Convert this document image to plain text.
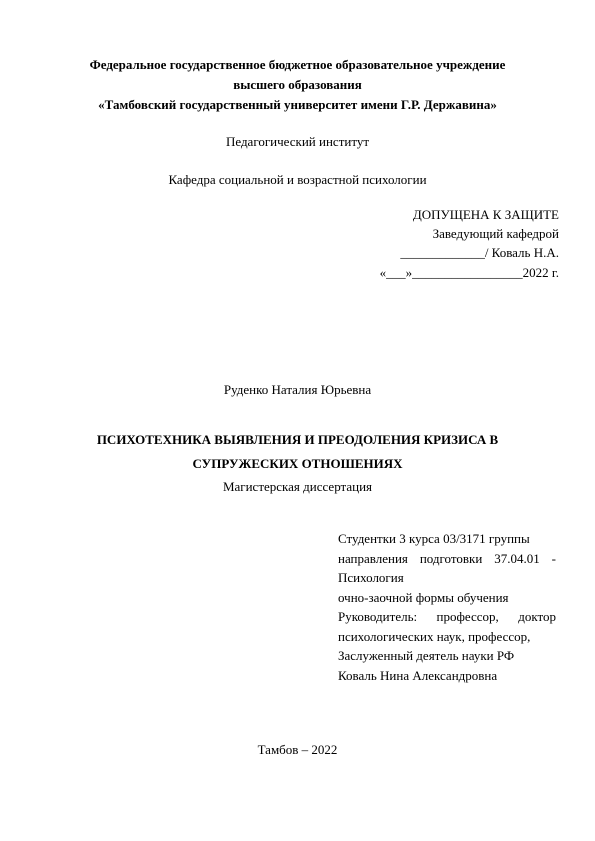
Федеральное государственное бюджетное образовательное учреждение
высшего образования
«Тамбовский государственный университет имени Г.Р. Державина»
Педагогический институт
Кафедра социальной и возрастной психологии
ДОПУЩЕНА К ЗАЩИТЕ
Заведующий кафедрой
_____________/ Коваль Н.А.
«___»_________________2022 г.
Руденко Наталия Юрьевна
ПСИХОТЕХНИКА ВЫЯВЛЕНИЯ И ПРЕОДОЛЕНИЯ КРИЗИСА В
СУПРУЖЕСКИХ ОТНОШЕНИЯХ
Магистерская диссертация
Студентки 3 курса 03/3171 группы
направления подготовки 37.04.01 -
Психология
очно-заочной формы обучения
Руководитель: профессор, доктор
психологических наук, профессор,
Заслуженный деятель науки РФ
Коваль Нина Александровна
Тамбов – 2022
